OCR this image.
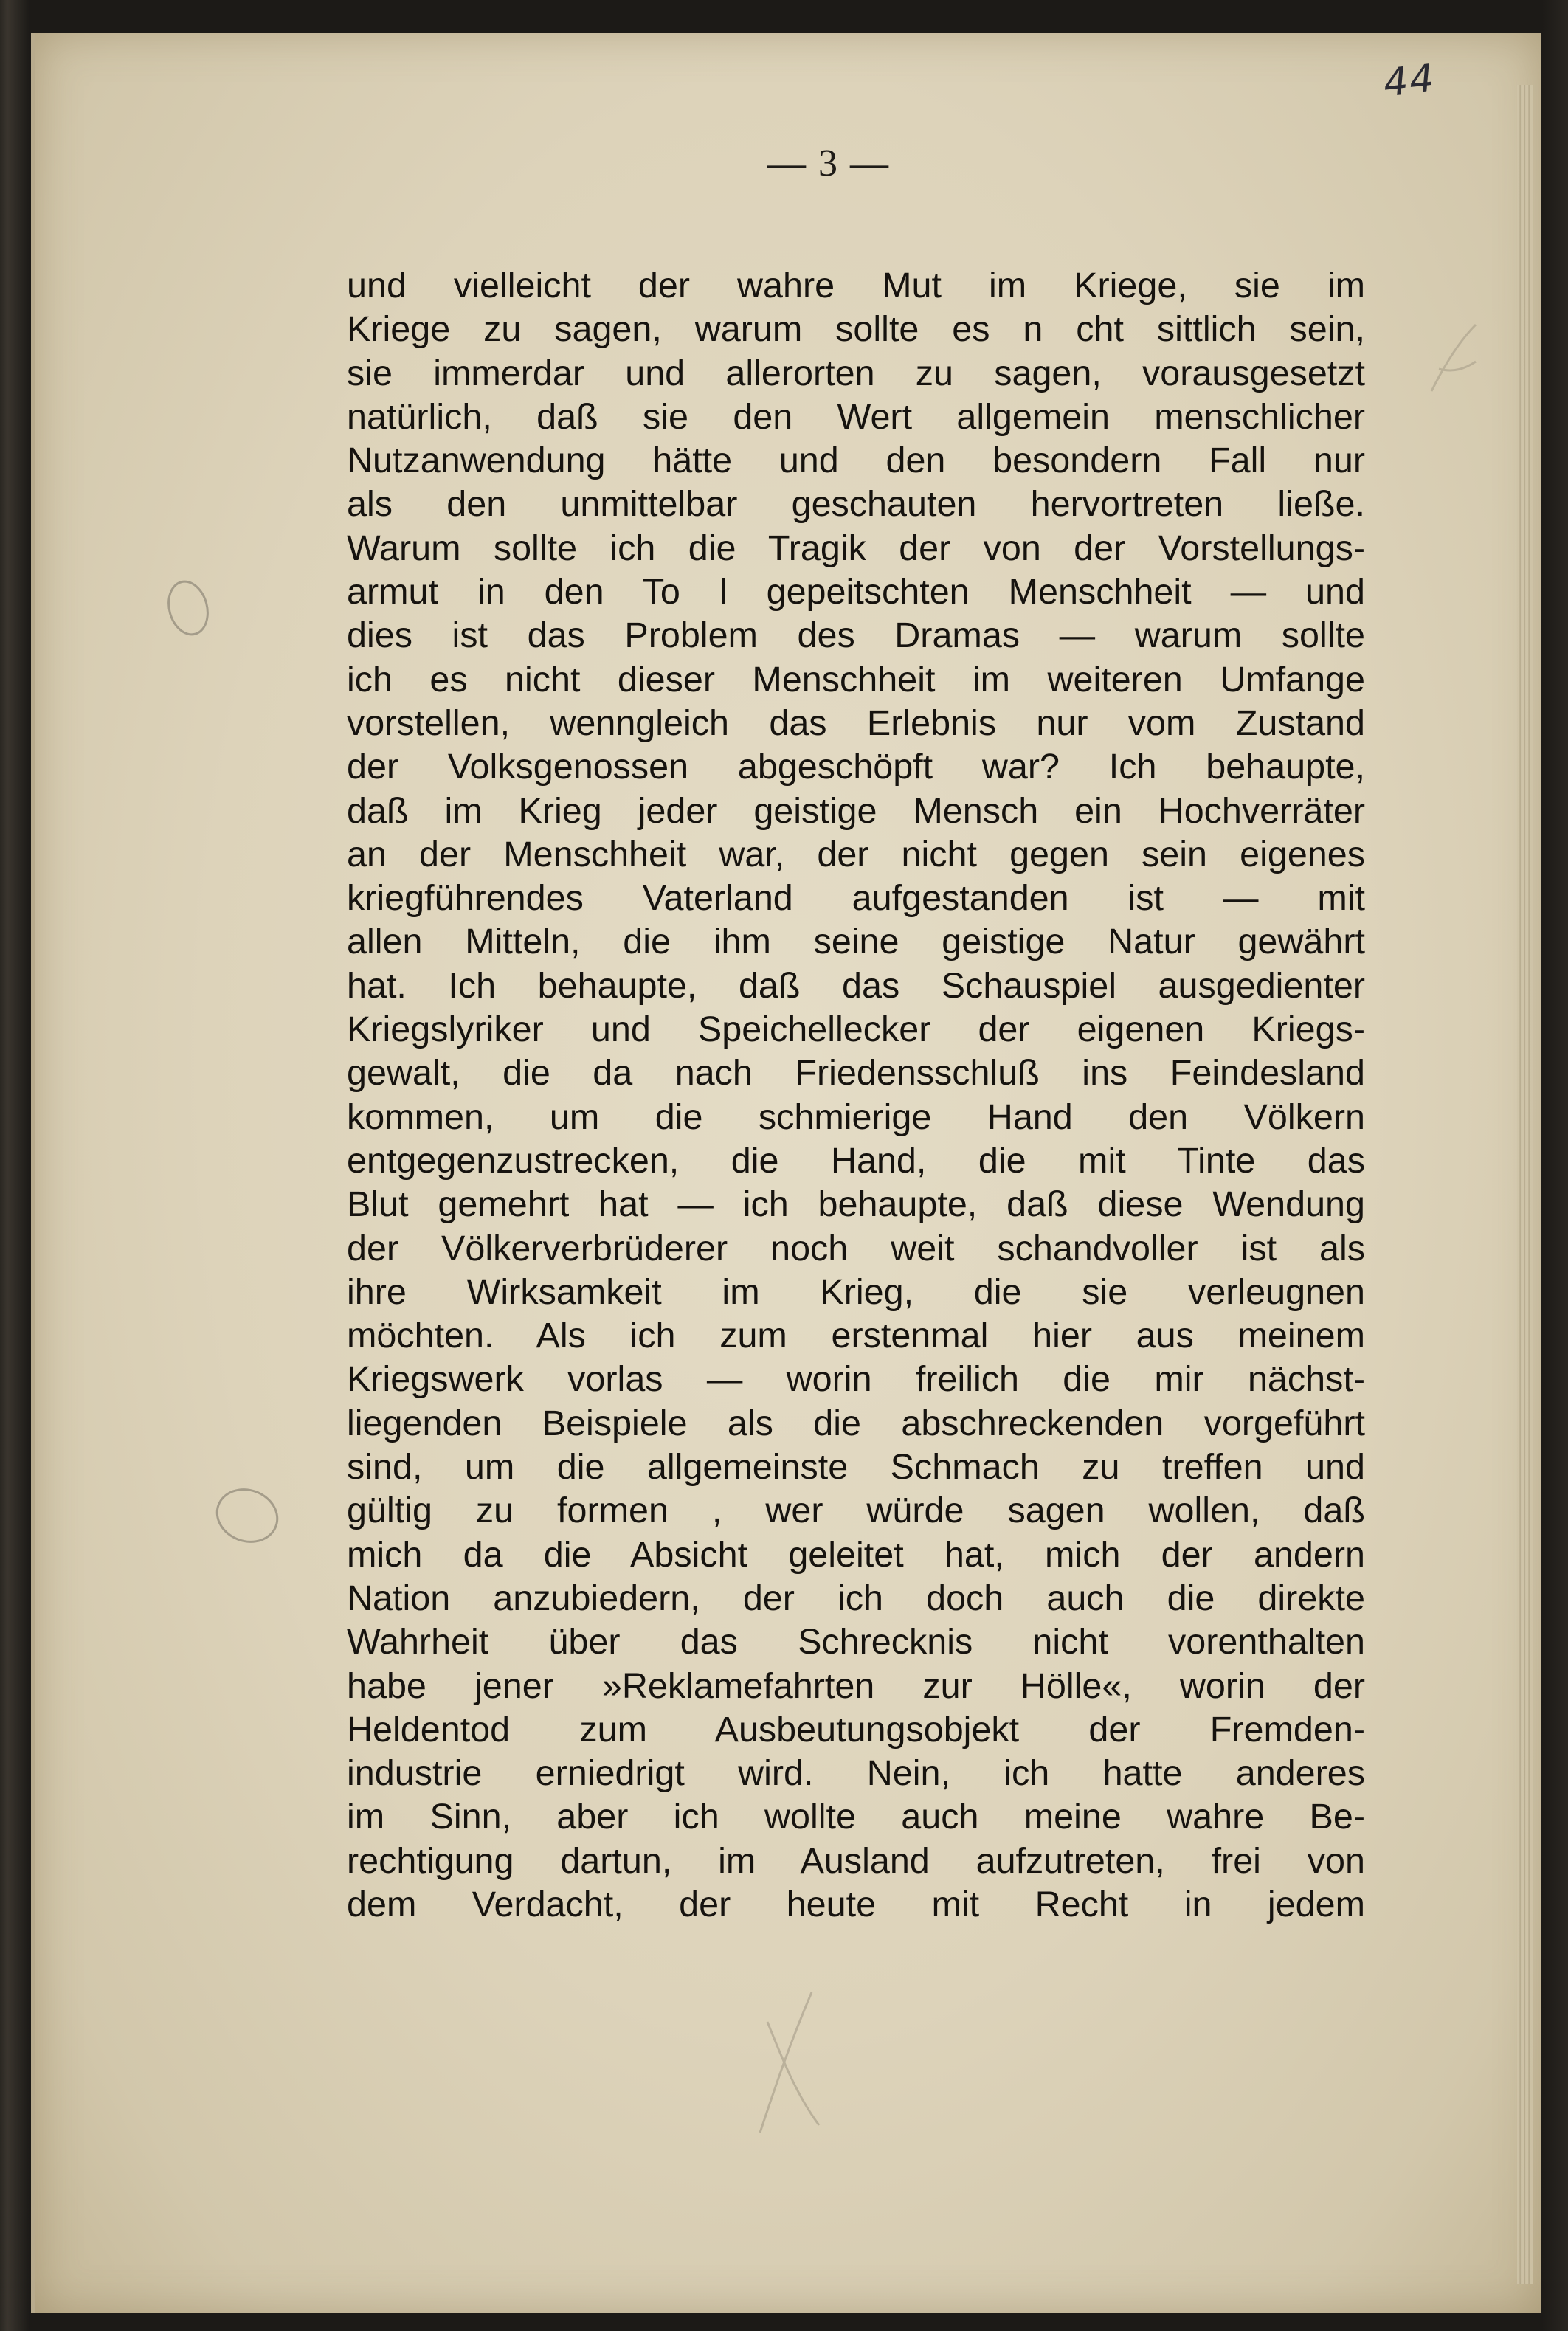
44
— 3 —
und vielleicht der wahre Mut im Kriege, sie im
Kriege zu sagen, warum sollte es n cht sittlich sein,
sie immerdar und allerorten zu sagen, vorausgesetzt
natürlich, daß sie den Wert allgemein menschlicher
Nutzanwendung hätte und den besondern Fall nur
als den unmittelbar geschauten hervortreten ließe.
Warum sollte ich die Tragik der von der Vorstellungs-
armut in den To l gepeitschten Menschheit — und
dies ist das Problem des Dramas — warum sollte
ich es nicht dieser Menschheit im weiteren Umfange
vorstellen, wenngleich das Erlebnis nur vom Zustand
der Volksgenossen abgeschöpft war? Ich behaupte,
daß im Krieg jeder geistige Mensch ein Hochverräter
an der Menschheit war, der nicht gegen sein eigenes
kriegführendes Vaterland aufgestanden ist — mit
allen Mitteln, die ihm seine geistige Natur gewährt
hat. Ich behaupte, daß das Schauspiel ausgedienter
Kriegslyriker und Speichellecker der eigenen Kriegs-
gewalt, die da nach Friedensschluß ins Feindesland
kommen, um die schmierige Hand den Völkern
entgegenzustrecken, die Hand, die mit Tinte das
Blut gemehrt hat — ich behaupte, daß diese Wendung
der Völkerverbrüderer noch weit schandvoller ist als
ihre Wirksamkeit im Krieg, die sie verleugnen
möchten. Als ich zum erstenmal hier aus meinem
Kriegswerk vorlas — worin freilich die mir nächst-
liegenden Beispiele als die abschreckenden vorgeführt
sind, um die allgemeinste Schmach zu treffen und
gültig zu formen , wer würde sagen wollen, daß
mich da die Absicht geleitet hat, mich der andern
Nation anzubiedern, der ich doch auch die direkte
Wahrheit über das Schrecknis nicht vorenthalten
habe jener »Reklamefahrten zur Hölle«, worin der
Heldentod zum Ausbeutungsobjekt der Fremden-
industrie erniedrigt wird. Nein, ich hatte anderes
im Sinn, aber ich wollte auch meine wahre Be-
rechtigung dartun, im Ausland aufzutreten, frei von
dem Verdacht, der heute mit Recht in jedem
